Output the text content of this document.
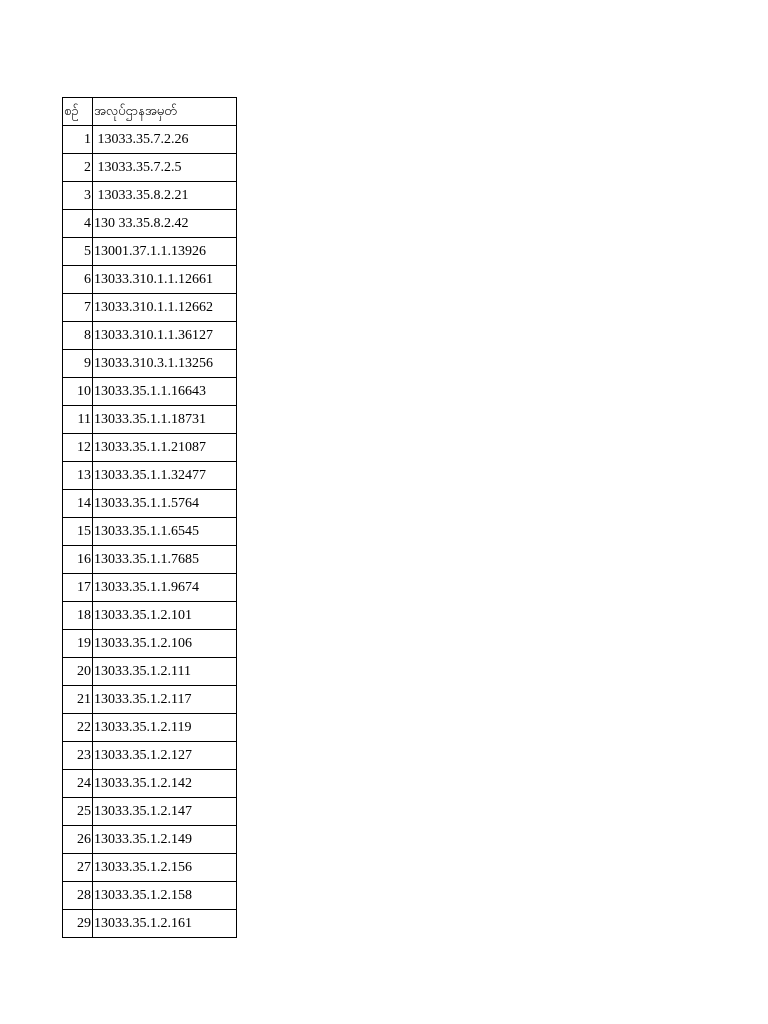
စဉ်	အလုပ်ဌာနအမှတ်
1	13033.35.7.2.26
2	13033.35.7.2.5
3	13033.35.8.2.21
4	130 33.35.8.2.42
5	13001.37.1.1.13926
6	13033.310.1.1.12661
7	13033.310.1.1.12662
8	13033.310.1.1.36127
9	13033.310.3.1.13256
10	13033.35.1.1.16643
11	13033.35.1.1.18731
12	13033.35.1.1.21087
13	13033.35.1.1.32477
14	13033.35.1.1.5764
15	13033.35.1.1.6545
16	13033.35.1.1.7685
17	13033.35.1.1.9674
18	13033.35.1.2.101
19	13033.35.1.2.106
20	13033.35.1.2.111
21	13033.35.1.2.117
22	13033.35.1.2.119
23	13033.35.1.2.127
24	13033.35.1.2.142
25	13033.35.1.2.147
26	13033.35.1.2.149
27	13033.35.1.2.156
28	13033.35.1.2.158
29	13033.35.1.2.161
